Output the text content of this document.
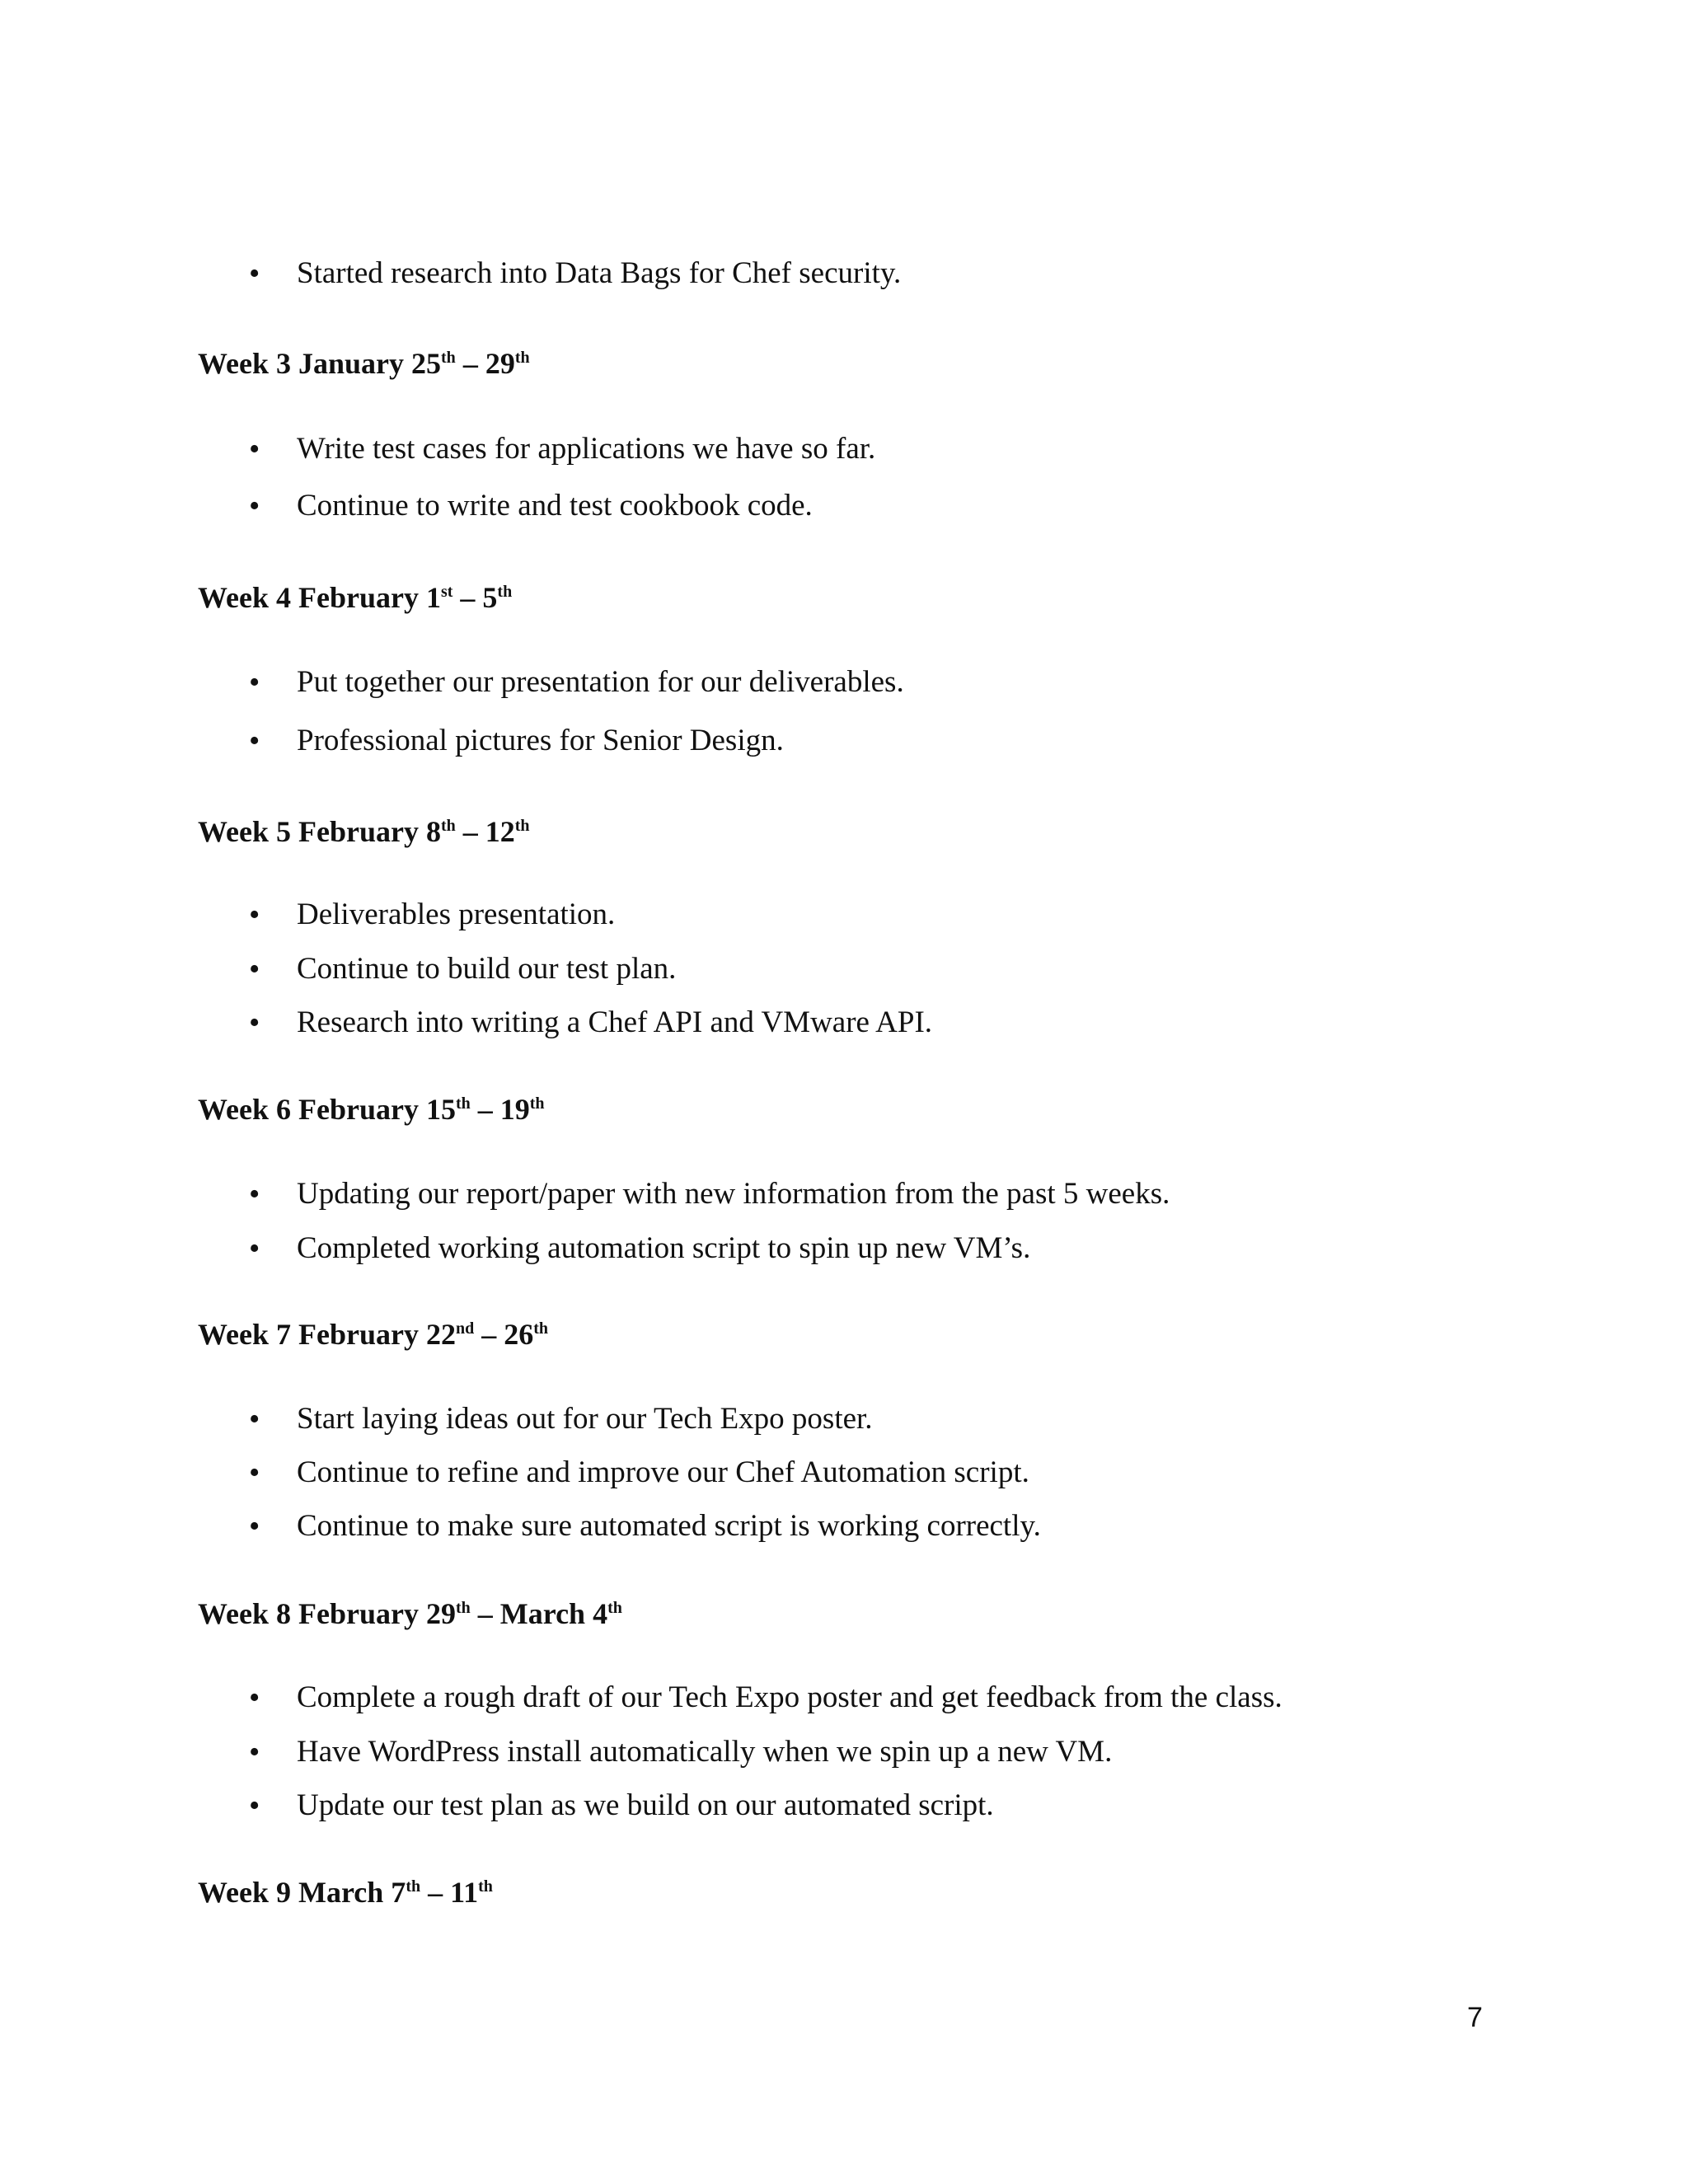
• Started research into Data Bags for Chef security.
Week 3 January 25th – 29th
• Write test cases for applications we have so far.
• Continue to write and test cookbook code.
Week 4 February 1st – 5th
• Put together our presentation for our deliverables.
• Professional pictures for Senior Design.
Week 5 February 8th – 12th
• Deliverables presentation.
• Continue to build our test plan.
• Research into writing a Chef API and VMware API.
Week 6 February 15th – 19th
• Updating our report/paper with new information from the past 5 weeks.
• Completed working automation script to spin up new VM’s.
Week 7 February 22nd – 26th
• Start laying ideas out for our Tech Expo poster.
• Continue to refine and improve our Chef Automation script.
• Continue to make sure automated script is working correctly.
Week 8 February 29th – March 4th
• Complete a rough draft of our Tech Expo poster and get feedback from the class.
• Have WordPress install automatically when we spin up a new VM.
• Update our test plan as we build on our automated script.
Week 9 March 7th – 11th
7
